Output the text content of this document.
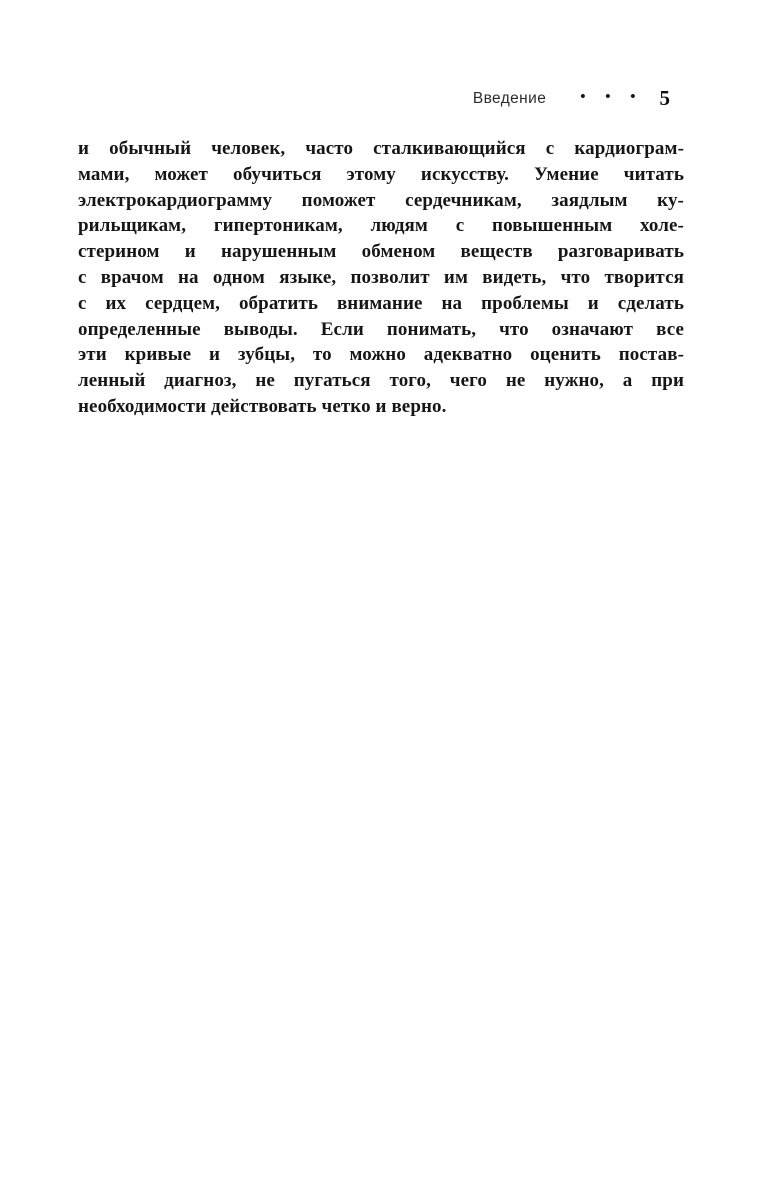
Введение • • • 5
и обычный человек, часто сталкивающийся с кардиограм-
мами, может обучиться этому искусству. Умение читать
электрокардиограмму поможет сердечникам, заядлым ку-
рильщикам, гипертоникам, людям с повышенным холе-
стерином и нарушенным обменом веществ разговаривать
с врачом на одном языке, позволит им видеть, что творится
с их сердцем, обратить внимание на проблемы и сделать
определенные выводы. Если понимать, что означают все
эти кривые и зубцы, то можно адекватно оценить постав-
ленный диагноз, не пугаться того, чего не нужно, а при
необходимости действовать четко и верно.
